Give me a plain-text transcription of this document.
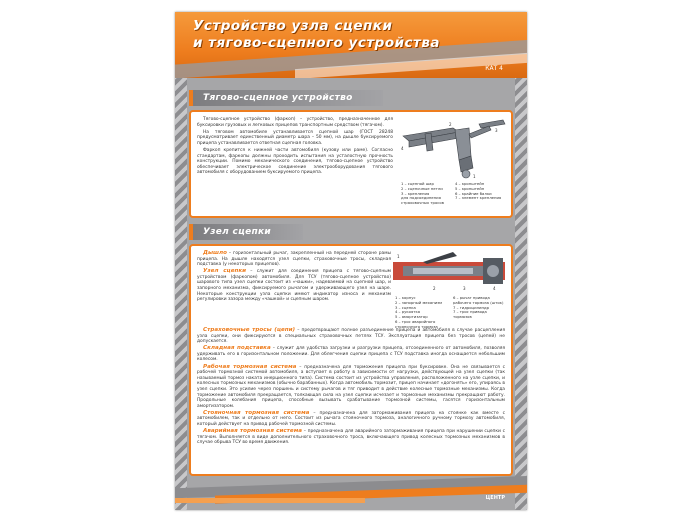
Устройство узла сцепки
и тягово-сцепного устройства
КАТ 4
Тягово-сцепное устройство

Тягово-сцепное устройство (фаркоп) – устройство, предназначенное для буксировки грузовых и легковых прицепов транспортным средством (тягачом).

На тяговом автомобиле устанавливается сцепной шар (ГОСТ 28248 предусматривает единственный диаметр шара – 50 мм), на дышле буксируемого прицепа устанавливается ответная сцепная головка.

Фаркоп крепится к нижней части автомобиля (кузову или раме). Согласно стандартам, фаркопы должны проходить испытания на усталостную прочность конструкции. Помимо механического соединения, тягово-сцепное устройство обеспечивает электрическое соединение электрооборудования тягового автомобиля с оборудованием буксируемого прицепа.

2
3
4
1
1 – сцепной шар
2 – сцепочные петли
3 – крепления
для подсоединения
страховочных тросов
4 – кронштейн
5 – кронштейн
6 – крайние балки
7 – элемент крепления
Узел сцепки

Дышло – горизонтальный рычаг, закрепленный на передней стороне рамы прицепа. На дышле находятся узел сцепки, страховочные тросы, складная подставка (у некоторых прицепов).

Узел сцепки – служит для соединения прицепа с тягово-сцепным устройством (фаркопом) автомобиля. Для ТСУ (тягово-сцепное устройство) шарового типа узел сцепки состоит из «чашки», надеваемой на сцепной шар, и запорного механизма, фиксируемого рычагом и удерживающего узел на шаре. Некоторые конструкции узла сцепки имеют индикатор износа и механизм регулировки зазора между «чашкой» и сцепным шаром.

1
2	3	4
1 – корпус
2 – запорный механизм
3 – сцепка
4 – рукоятка
5 – амортизатор
6 – трос аварийного
стояночного тормоза
6 – рычаг привода
рабочего тормоза (шток)
7 – гидроцилиндр
7 – трос привода
тормозов

Страховочные тросы (цепи) – предотвращают полное разъединение прицепа и автомобиля в случае расцепления узла сцепки, они фиксируются в специальных страховочных петлях ТСУ. Эксплуатация прицепа без тросов (цепей) не допускается.

Складная подставка – служит для удобства загрузки и разгрузки прицепа, отсоединенного от автомобиля, позволяя удерживать его в горизонтальном положении. Для облегчения сцепки прицепа с ТСУ подставка иногда оснащается небольшим колесом.

Рабочая тормозная система – предназначена для торможения прицепа при буксировке. Она не связывается с рабочей тормозной системой автомобиля, а вступает в работу в зависимости от нагрузки, действующей на узел сцепки (так называемый тормоз наката инерционного типа). Система состоит из устройства управления, расположенного на узле сцепки, и колесных тормозных механизмов (обычно барабанных). Когда автомобиль тормозит, прицеп начинает «догонять» его, упираясь в узел сцепки. Это усилие через поршень и систему рычагов и тяг приводит в действие колесные тормозные механизмы. Когда торможение автомобиля прекращается, толкающая сила на узел сцепки исчезает и тормозные механизмы прекращают работу. Продольные колебания прицепа, способные вызывать срабатывание тормозной системы, гасятся горизонтальным амортизатором.

Стояночная тормозная система – предназначена для затормаживания прицепа на стоянке как вместе с автомобилем, так и отдельно от него. Состоит из рычага стояночного тормоза, аналогичного ручному тормозу автомобиля, который действует на привод рабочей тормозной системы.

Аварийная тормозная система – предназначена для аварийного затормаживания прицепа при нарушении сцепки с тягачом. Выполняется в виде дополнительного страховочного троса, включающего привод колесных тормозных механизмов в случае обрыва ТСУ во время движения.

ЦЕНТР
